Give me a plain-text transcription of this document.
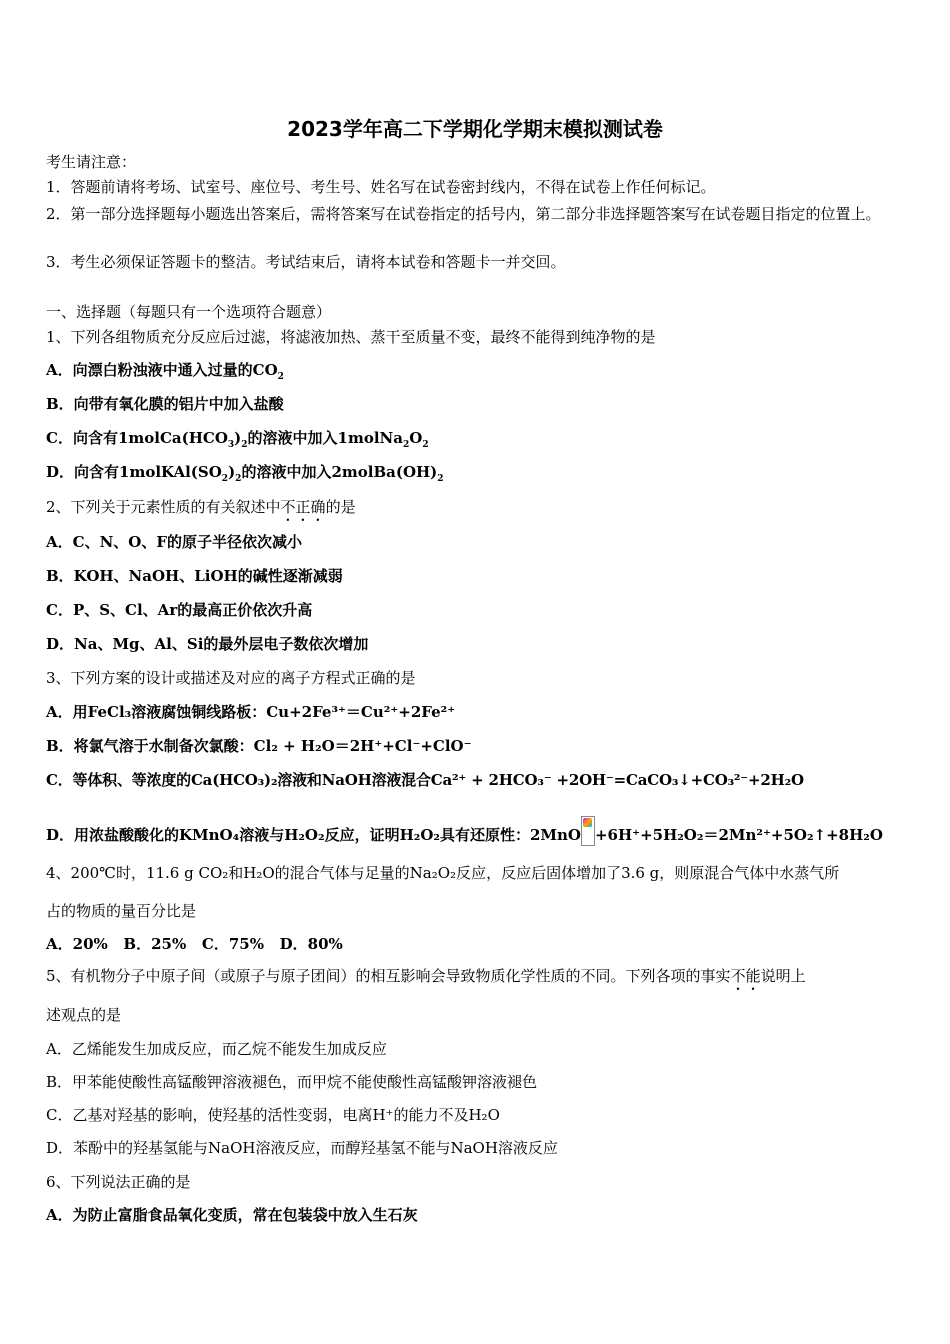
2023学年高二下学期化学期末模拟测试卷
考生请注意：
1．答题前请将考场、试室号、座位号、考生号、姓名写在试卷密封线内，不得在试卷上作任何标记。
2．第一部分选择题每小题选出答案后，需将答案写在试卷指定的括号内，第二部分非选择题答案写在试卷题目指定的位置上。
3．考生必须保证答题卡的整洁。考试结束后，请将本试卷和答题卡一并交回。
一、选择题（每题只有一个选项符合题意）
1、下列各组物质充分反应后过滤，将滤液加热、蒸干至质量不变，最终不能得到纯净物的是
A．向漂白粉浊液中通入过量的$CO_2$
B．向带有氧化膜的铝片中加入盐酸
C．向含有$1molCa(HCO_3)_2$的溶液中加入$1molNa_2O_2$
D．向含有$1molKAl(SO_2)_2$的溶液中加入$2molBa(OH)_2$
2、下列关于元素性质的有关叙述中不正确的是
A．C、N、O、F的原子半径依次减小
B．KOH、NaOH、LiOH的碱性逐渐减弱
C．P、S、Cl、Ar的最高正价依次升高
D．Na、Mg、Al、Si的最外层电子数依次增加
3、下列方案的设计或描述及对应的离子方程式正确的是
A．用FeCl₃溶液腐蚀铜线路板：Cu+2Fe³⁺＝Cu²⁺+2Fe²⁺
B．将氯气溶于水制备次氯酸：Cl₂ + H₂O＝2H⁺+Cl⁻+ClO⁻
C．等体积、等浓度的Ca(HCO₃)₂溶液和NaOH溶液混合Ca²⁺ + 2HCO₃⁻ +2OH⁻=CaCO₃↓+CO₃²⁻+2H₂O
D．用浓盐酸酸化的KMnO₄溶液与H₂O₂反应，证明H₂O₂具有还原性：2MnO +6H⁺+5H₂O₂＝2Mn²⁺+5O₂↑+8H₂O
4、200℃时，11.6 g CO₂和H₂O的混合气体与足量的Na₂O₂反应，反应后固体增加了3.6 g，则原混合气体中水蒸气所
占的物质的量百分比是
A．20%   B．25%   C．75%   D．80%
5、有机物分子中原子间（或原子与原子团间）的相互影响会导致物质化学性质的不同。下列各项的事实不能说明上
述观点的是
A．乙烯能发生加成反应，而乙烷不能发生加成反应
B．甲苯能使酸性高锰酸钾溶液褪色，而甲烷不能使酸性高锰酸钾溶液褪色
C．乙基对羟基的影响，使羟基的活性变弱，电离H⁺的能力不及H₂O
D．苯酚中的羟基氢能与NaOH溶液反应，而醇羟基氢不能与NaOH溶液反应
6、下列说法正确的是
A．为防止富脂食品氧化变质，常在包装袋中放入生石灰
